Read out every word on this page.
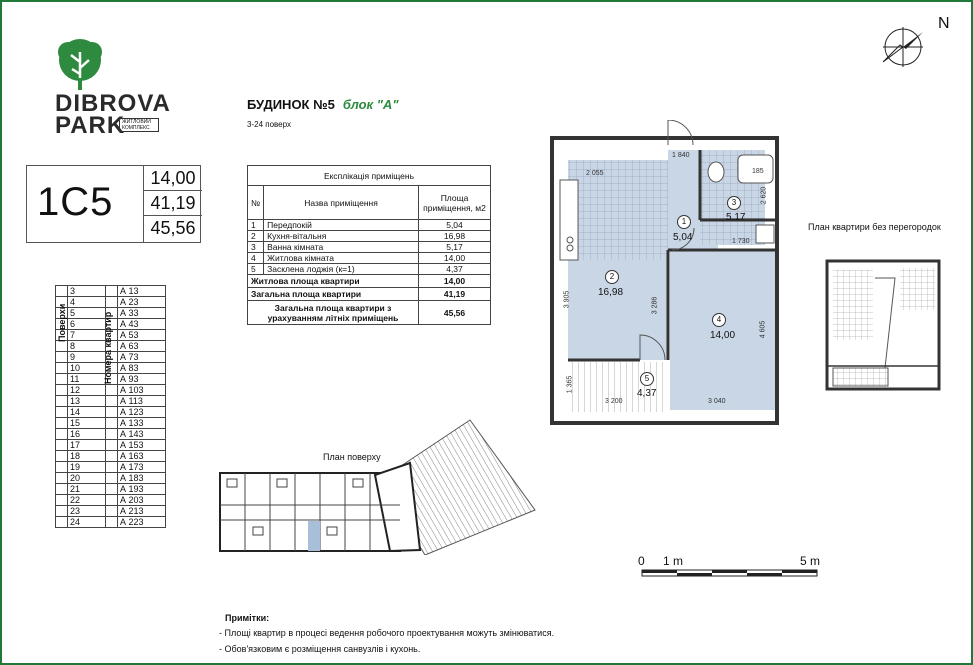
DIBROVA
PARK
ЖИТЛОВИЙ КОМПЛЕКС
1C5
14,00
41,19
45,56
БУДИНОК №5 блок "А"
3-24 поверх
Експлікація приміщень		
№	Назва приміщення	Площа приміщення, м2
1	Передпокій	5,04
2	Кухня-вітальня	16,98
3	Ванна кімната	5,17
4	Житлова кімната	14,00
5	Засклена лоджія (к=1)	4,37
Житлова площа квартири		14,00
Загальна площа квартири		41,19
Загальна площа квартири з урахуванням літніх приміщень		45,56
	3		А 13
	4		А 23
	5		А 33
	6		А 43
	7		А 53
	8		А 63
	9		А 73
	10		А 83
	11		А 93
	12		А 103
	13		А 113
	14		А 123
	15		А 133
	16		А 143
	17		А 153
	18		А 163
	19		А 173
	20		А 183
	21		А 193
	22		А 203
	23		А 213
	24		А 223
Поверхи	Номера квартир
План поверху
1
5,04
2
16,98
3
5,17
4
14,00
5
4,37
1 840
2 055	185
2 620
1 730
3 905	3 286
4 605
1 365
3 200	3 040
План квартири без перегородок
N
0 1 m	5 m
Примітки:
- Площі квартир в процесі ведення робочого проектування можуть змінюватися.
- Обов'язковим є розміщення санвузлів і кухонь.
